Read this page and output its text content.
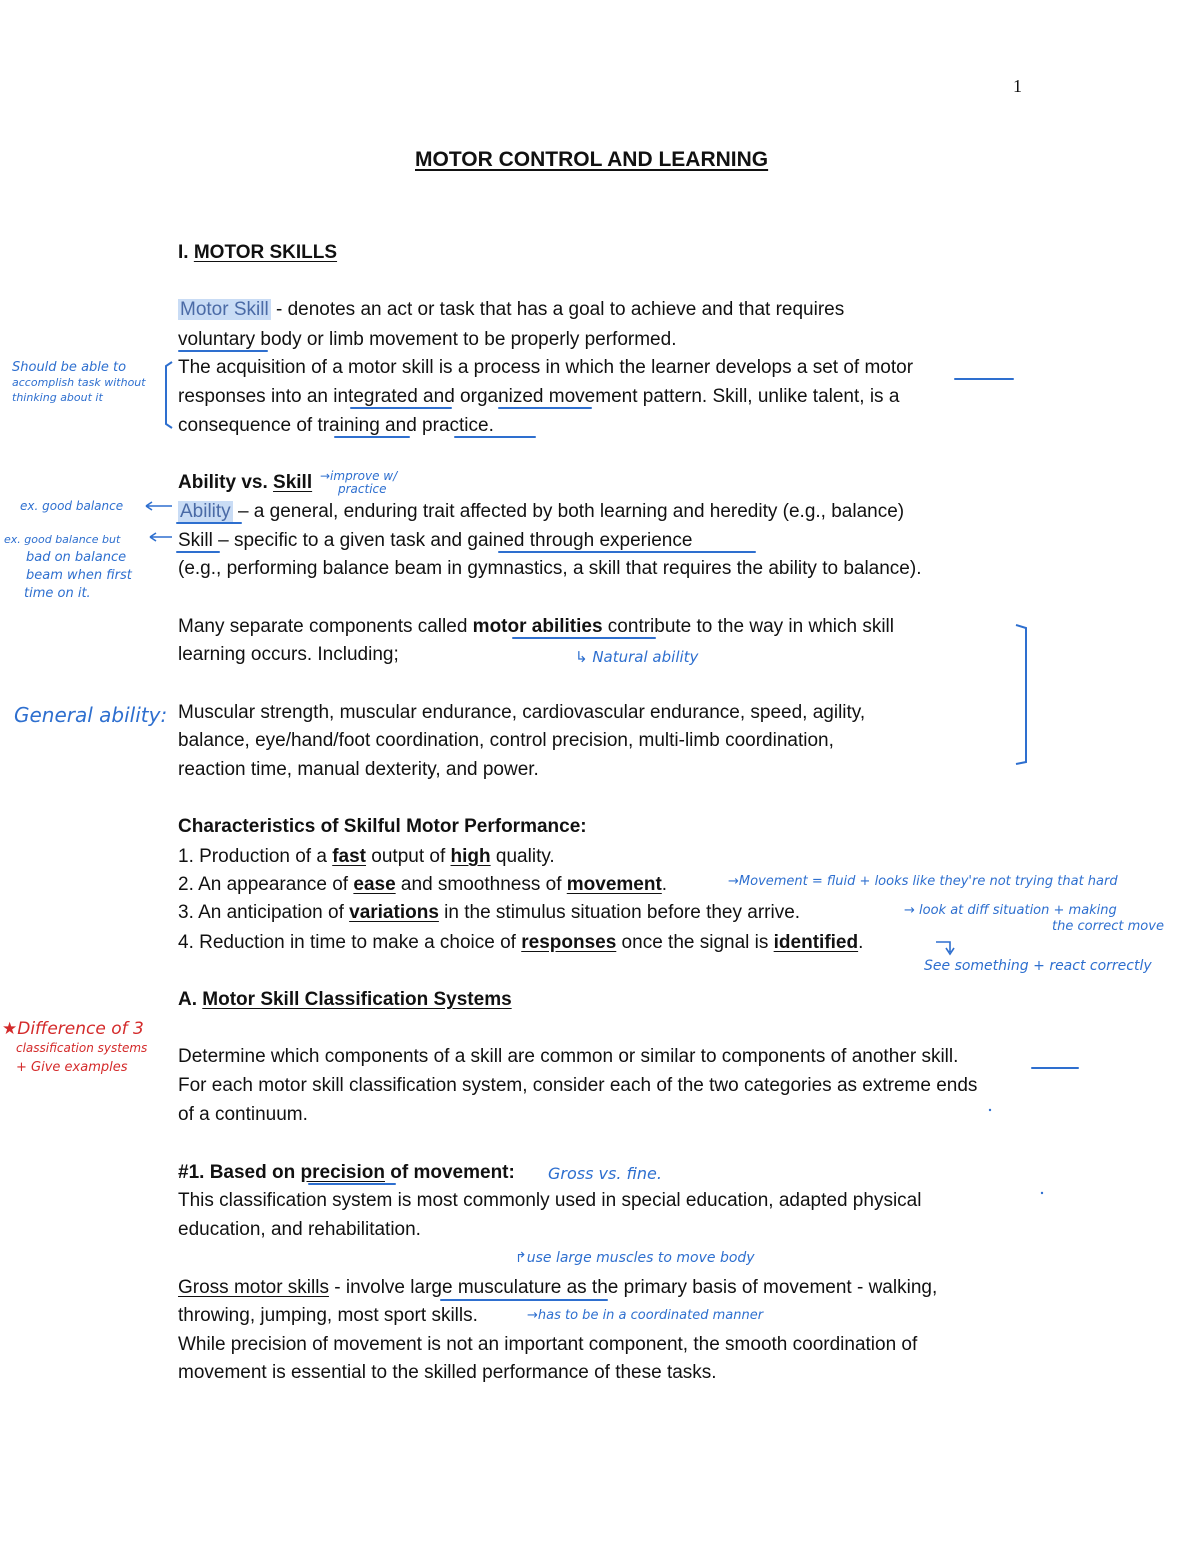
1
MOTOR CONTROL AND LEARNING
I. MOTOR SKILLS
Motor Skill - denotes an act or task that has a goal to achieve and that requires
voluntary body or limb movement to be properly performed.
The acquisition of a motor skill is a process in which the learner develops a set of motor
responses into an integrated and organized movement pattern. Skill, unlike talent, is a
consequence of training and practice.
Ability vs. Skill
Ability – a general, enduring trait affected by both learning and heredity (e.g., balance)
Skill – specific to a given task and gained through experience
(e.g., performing balance beam in gymnastics, a skill that requires the ability to balance).
Many separate components called motor abilities contribute to the way in which skill
learning occurs. Including;
Muscular strength, muscular endurance, cardiovascular endurance, speed, agility,
balance, eye/hand/foot coordination, control precision, multi-limb coordination,
reaction time, manual dexterity, and power.
Characteristics of Skilful Motor Performance:
1. Production of a fast output of high quality.
2. An appearance of ease and smoothness of movement.
3. An anticipation of variations in the stimulus situation before they arrive.
4. Reduction in time to make a choice of responses once the signal is identified.
A. Motor Skill Classification Systems
Determine which components of a skill are common or similar to components of another skill.
For each motor skill classification system, consider each of the two categories as extreme ends
of a continuum.
#1. Based on precision of movement:
This classification system is most commonly used in special education, adapted physical
education, and rehabilitation.
Gross motor skills - involve large musculature as the primary basis of movement - walking,
throwing, jumping, most sport skills.
While precision of movement is not an important component, the smooth coordination of
movement is essential to the skilled performance of these tasks.
Should be able to
accomplish task without
thinking about it
→improve w/
practice
ex. good balance
ex. good balance but
bad on balance
beam when first
time on it.
↳ Natural ability
General ability:
→Movement = fluid + looks like they're not trying that hard
→ look at diff situation + making
the correct move
See something + react correctly
★Difference of 3
classification systems
+ Give examples
Gross vs. fine.
↱use large muscles to move body
→has to be in a coordinated manner
